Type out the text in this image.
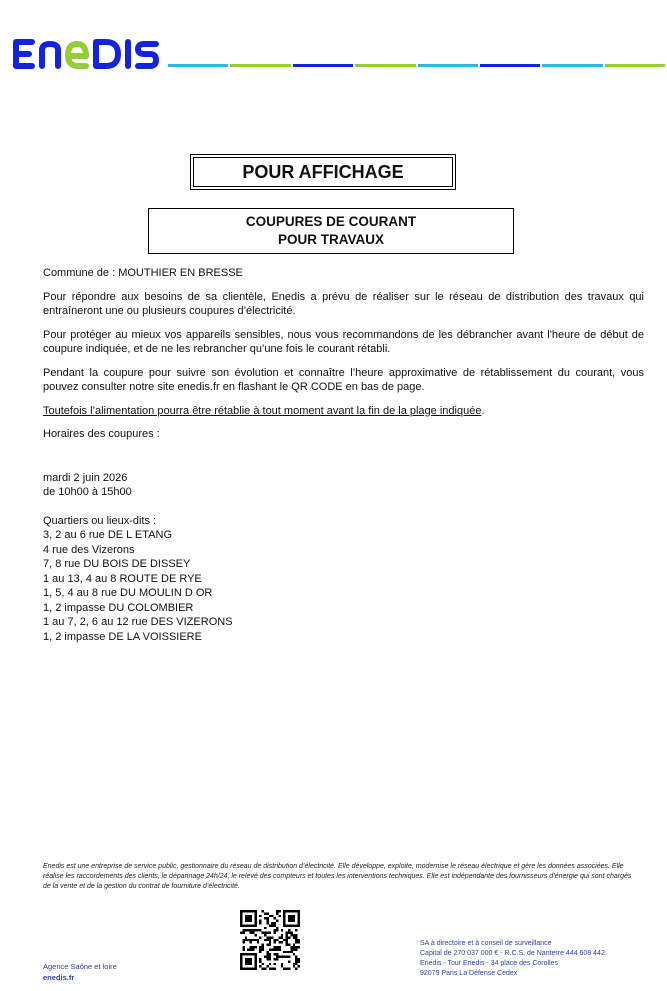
POUR AFFICHAGE
COUPURES DE COURANT
POUR TRAVAUX

Commune de : MOUTHIER EN BRESSE

Pour répondre aux besoins de sa clientèle, Enedis a prévu de réaliser sur le réseau de distribution des travaux qui entraîneront une ou plusieurs coupures d’électricité.

Pour protéger au mieux vos appareils sensibles, nous vous recommandons de les débrancher avant l'heure de début de coupure indiquée, et de ne les rebrancher qu’une fois le courant rétabli.

Pendant la coupure pour suivre son évolution et connaître l’heure approximative de rétablissement du courant, vous pouvez consulter notre site enedis.fr en flashant le QR CODE en bas de page.

Toutefois l’alimentation pourra être rétablie à tout moment avant la fin de la plage indiquée.

Horaires des coupures :

mardi 2 juin 2026
de 10h00 à 15h00
Quartiers ou lieux-dits :
3, 2 au 6 rue DE L ETANG
4 rue des Vizerons
7, 8 rue DU BOIS DE DISSEY
1 au 13, 4 au 8 ROUTE DE RYE
1, 5, 4 au 8 rue DU MOULIN D OR
1, 2 impasse DU COLOMBIER
1 au 7, 2, 6 au 12 rue DES VIZERONS
1, 2 impasse DE LA VOISSIERE
Enedis est une entreprise de service public, gestionnaire du réseau de distribution d’électricité. Elle développe, exploite, modernise le réseau électrique et gère les données associées. Elle réalise les raccordements des clients, le dépannage 24h/24, le relevé des compteurs et toutes les interventions techniques. Elle est indépendante des fournisseurs d’énergie qui sont chargés de la vente et de la gestion du contrat de fourniture d’électricité.
Agence Saône et loire
enedis.fr
SA à directoire et à conseil de surveillance
Capital de 270 037 000 € - R.C.S. de Nanterre 444 608 442
Enedis - Tour Enedis - 34 place des Corolles
92079 Paris La Défense Cedex
